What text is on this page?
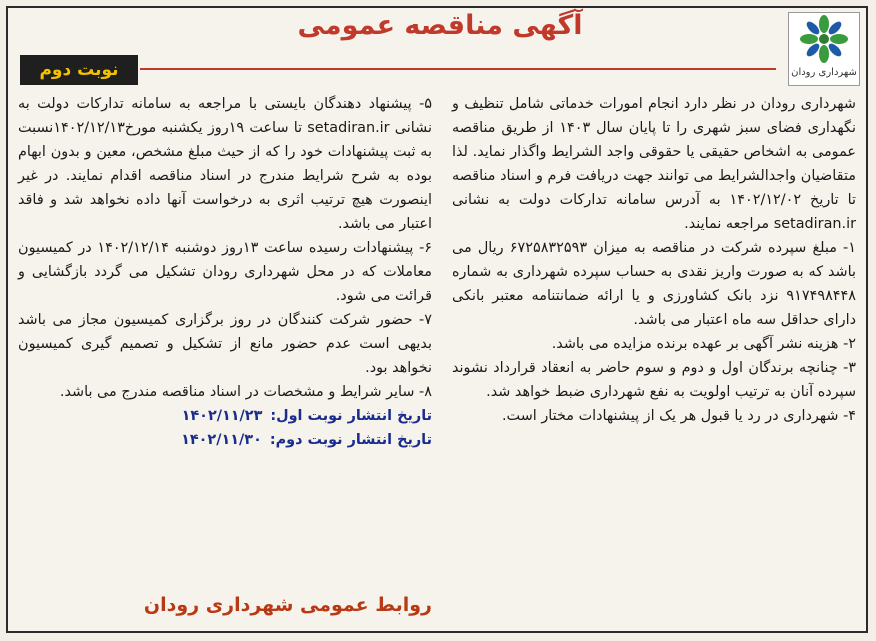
آگهی مناقصه عمومی
شهرداری رودان
نوبت دوم

شهرداری رودان در نظر دارد انجام امورات خدماتی شامل تنظیف و نگهداری فضای سبز شهری را تا پایان سال ۱۴۰۳ از طریق مناقصه عمومی به اشخاص حقیقی یا حقوقی واجد الشرایط واگذار نماید. لذا متقاضیان واجدالشرایط می توانند جهت دریافت فرم و اسناد مناقصه تا تاریخ ۱۴۰۲/۱۲/۰۲ به آدرس سامانه تدارکات دولت به نشانی setadiran.ir مراجعه نمایند.

۱- مبلغ سپرده شرکت در مناقصه به میزان ۶۷۲۵۸۳۲۵۹۳ ریال می باشد که به صورت واریز نقدی به حساب سپرده شهرداری به شماره ۹۱۷۴۹۸۴۴۸ نزد بانک کشاورزی و یا ارائه ضمانتنامه معتبر بانکی دارای حداقل سه ماه اعتبار می باشد.

۲- هزینه نشر آگهی بر عهده برنده مزایده می باشد.

۳- چنانچه برندگان اول و دوم و سوم حاضر به انعقاد قرارداد نشوند سپرده آنان به ترتیب اولویت به نفع شهرداری ضبط خواهد شد.

۴- شهرداری در رد یا قبول هر یک از پیشنهادات مختار است.

۵- پیشنهاد دهندگان بایستی با مراجعه به سامانه تدارکات دولت به نشانی setadiran.ir تا ساعت ۱۹روز یکشنبه مورخ۱۴۰۲/۱۲/۱۳نسبت به ثبت پیشنهادات خود را که از حیث مبلغ مشخص، معین و بدون ابهام بوده به شرح شرایط مندرج در اسناد مناقصه اقدام نمایند. در غیر اینصورت هیچ ترتیب اثری به درخواست آنها داده نخواهد شد و فاقد اعتبار می باشد.

۶- پیشنهادات رسیده ساعت ۱۳روز دوشنبه ۱۴۰۲/۱۲/۱۴ در کمیسیون معاملات که در محل شهرداری رودان تشکیل می گردد بازگشایی و قرائت می شود.

۷- حضور شرکت کنندگان در روز برگزاری کمیسیون مجاز می باشد بدیهی است عدم حضور مانع از تشکیل و تصمیم گیری کمیسیون نخواهد بود.

۸- سایر شرایط و مشخصات در اسناد مناقصه مندرج می باشد.

تاریخ انتشار نوبت اول:۱۴۰۲/۱۱/۲۳

تاریخ انتشار نوبت دوم:۱۴۰۲/۱۱/۳۰

روابط عمومی شهرداری رودان
